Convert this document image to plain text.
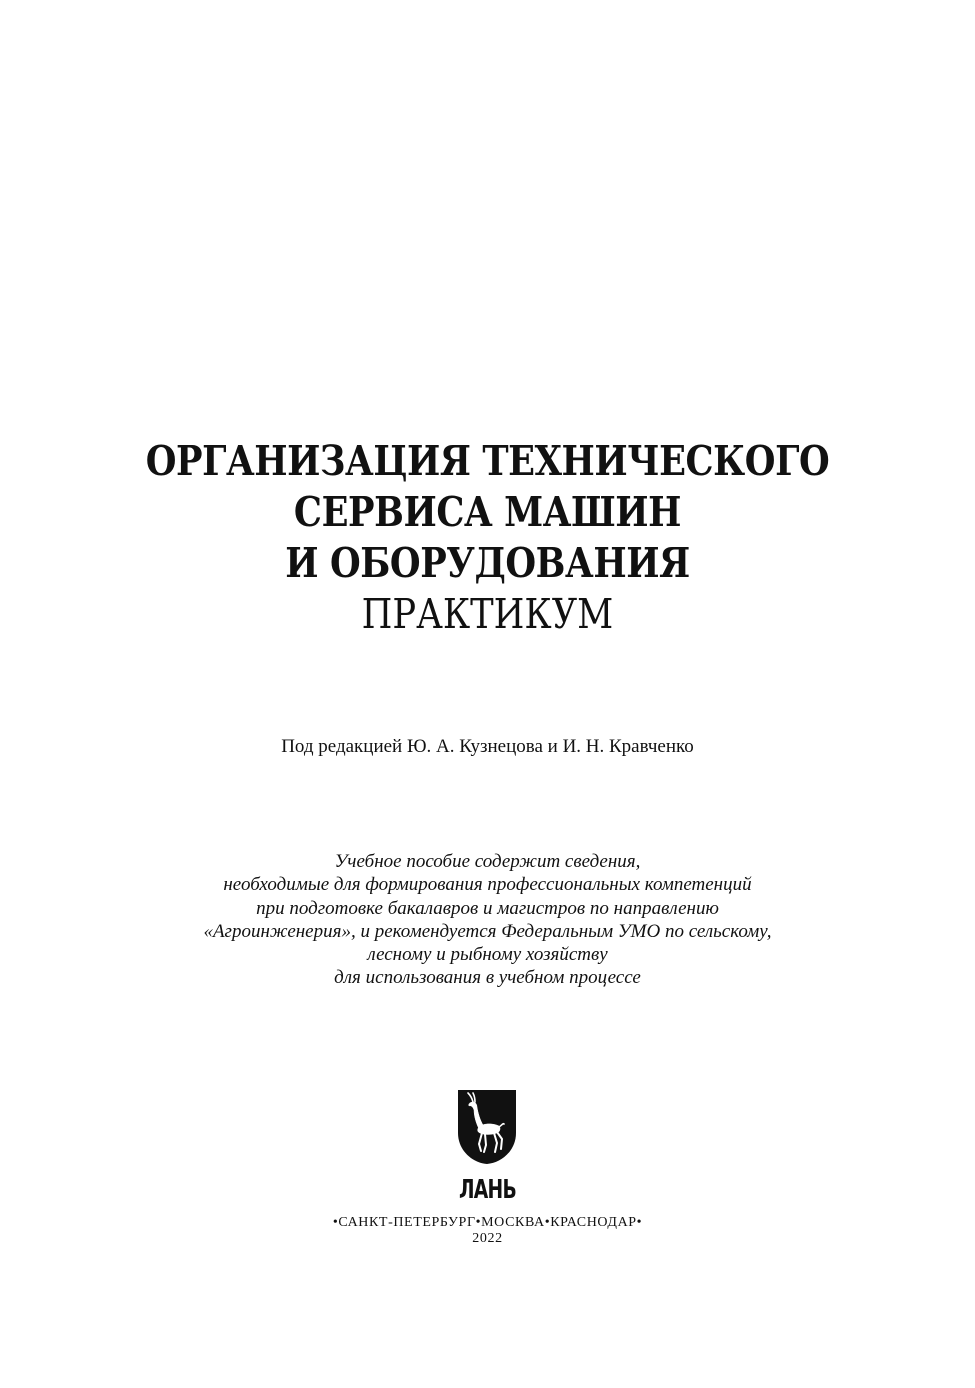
ОРГАНИЗАЦИЯ ТЕХНИЧЕСКОГО
СЕРВИСА МАШИН
И ОБОРУДОВАНИЯ
ПРАКТИКУМ
Под редакцией Ю. А. Кузнецова и И. Н. Кравченко
Учебное пособие содержит сведения,
необходимые для формирования профессиональных компетенций
при подготовке бакалавров и магистров по направлению
«Агроинженерия», и рекомендуется Федеральным УМО по сельскому,
лесному и рыбному хозяйству
для использования в учебном процессе
ЛАНЬ
•САНКТ-ПЕТЕРБУРГ•МОСКВА•КРАСНОДАР•
2022
